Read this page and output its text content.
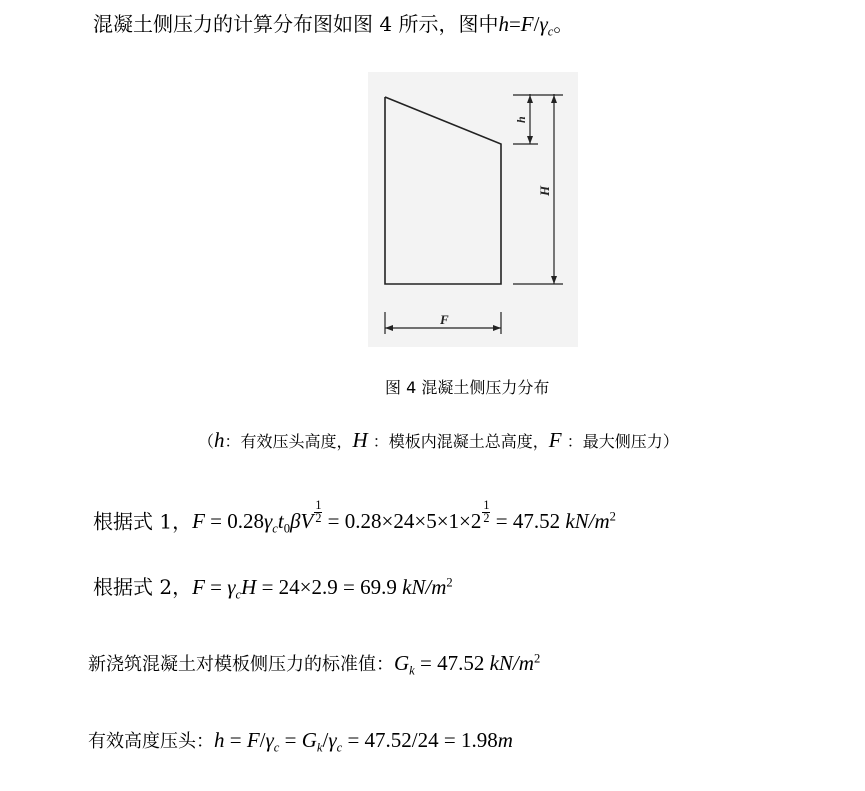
混凝土侧压力的计算分布图如图 4 所示，图中$h=F/\gamma_c$。
h
H
F
图 4 混凝土侧压力分布
（h：有效压头高度，H ：模板内混凝土总高度，F ：最大侧压力）
根据式 1，$F = 0.28\gamma_ct_0\beta V \frac{1}{2} = 0.28\times 24\times 5\times 1\times 2 \frac{1}{2} = 47.52$ $kN/m^2$
根据式 2，$F = \gamma_cH = 24\times 2.9 = 69.9$ $kN/m^2$
新浇筑混凝土对模板侧压力的标准值：$G_k = 47.52$ $kN/m^2$
有效高度压头：$h = F/\gamma_c = G_k/\gamma_c = 47.52/24 = 1.98m$
